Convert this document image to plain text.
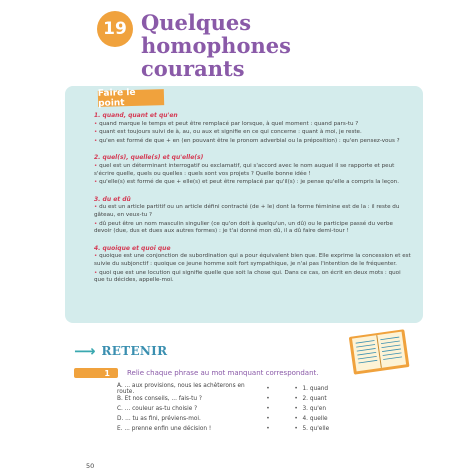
19 Quelques homophones courants
Faire le point
1. quand, quant et qu'en
• quand marque le temps et peut être remplacé par lorsque, à quel moment : quand pars-tu ?
• quant est toujours suivi de à, au, ou aux et signifie en ce qui concerne : quant à moi, je reste.
• qu'en est formé de que + en (en pouvant être le pronom adverbial ou la préposition) : qu'en pensez-vous ?
2. quel(s), quelle(s) et qu'elle(s)
• quel est un déterminant interrogatif ou exclamatif, qui s'accord avec le nom auquel il se rapporte et peut s'écrire quelle, quels ou quelles : quels sont vos projets ? Quelle bonne idée !
• qu'elle(s) est formé de que + elle(s) et peut être remplacé par qu'il(s) : je pense qu'elle a compris la leçon.
3. du et dû
• du est un article partitif ou un article défini contracté (de + le) dont la forme féminine est de la : il reste du gâteau, en veux-tu ?
• dû peut être un nom masculin singulier (ce qu'on doit à quelqu'un, un dû) ou le participe passé du verbe devoir (due, dus et dues aux autres formes) : je t'ai donné mon dû, il a dû faire demi-tour !
4. quoique et quoi que
• quoique est une conjonction de subordination qui a pour équivalent bien que. Elle exprime la concession et est suivie du subjonctif : quoique ce jeune homme soit fort sympathique, je n'ai pas l'intention de le fréquenter.
• quoi que est une locution qui signifie quelle que soit la chose qui. Dans ce cas, on écrit en deux mots : quoi que tu décides, appelle-moi.
⟶ RETENIR
1 Relie chaque phrase au mot manquant correspondant.
A. ... aux provisions, nous les achèterons en route.	•	• 1. quand
B. Et nos conseils, ... fais-tu ?	•	• 2. quant
C. ... couleur as-tu choisie ?	•	• 3. qu'en
D. ... tu as fini, préviens-moi.	•	• 4. quelle
E. ... prenne enfin une décision !	•	• 5. qu'elle
50
